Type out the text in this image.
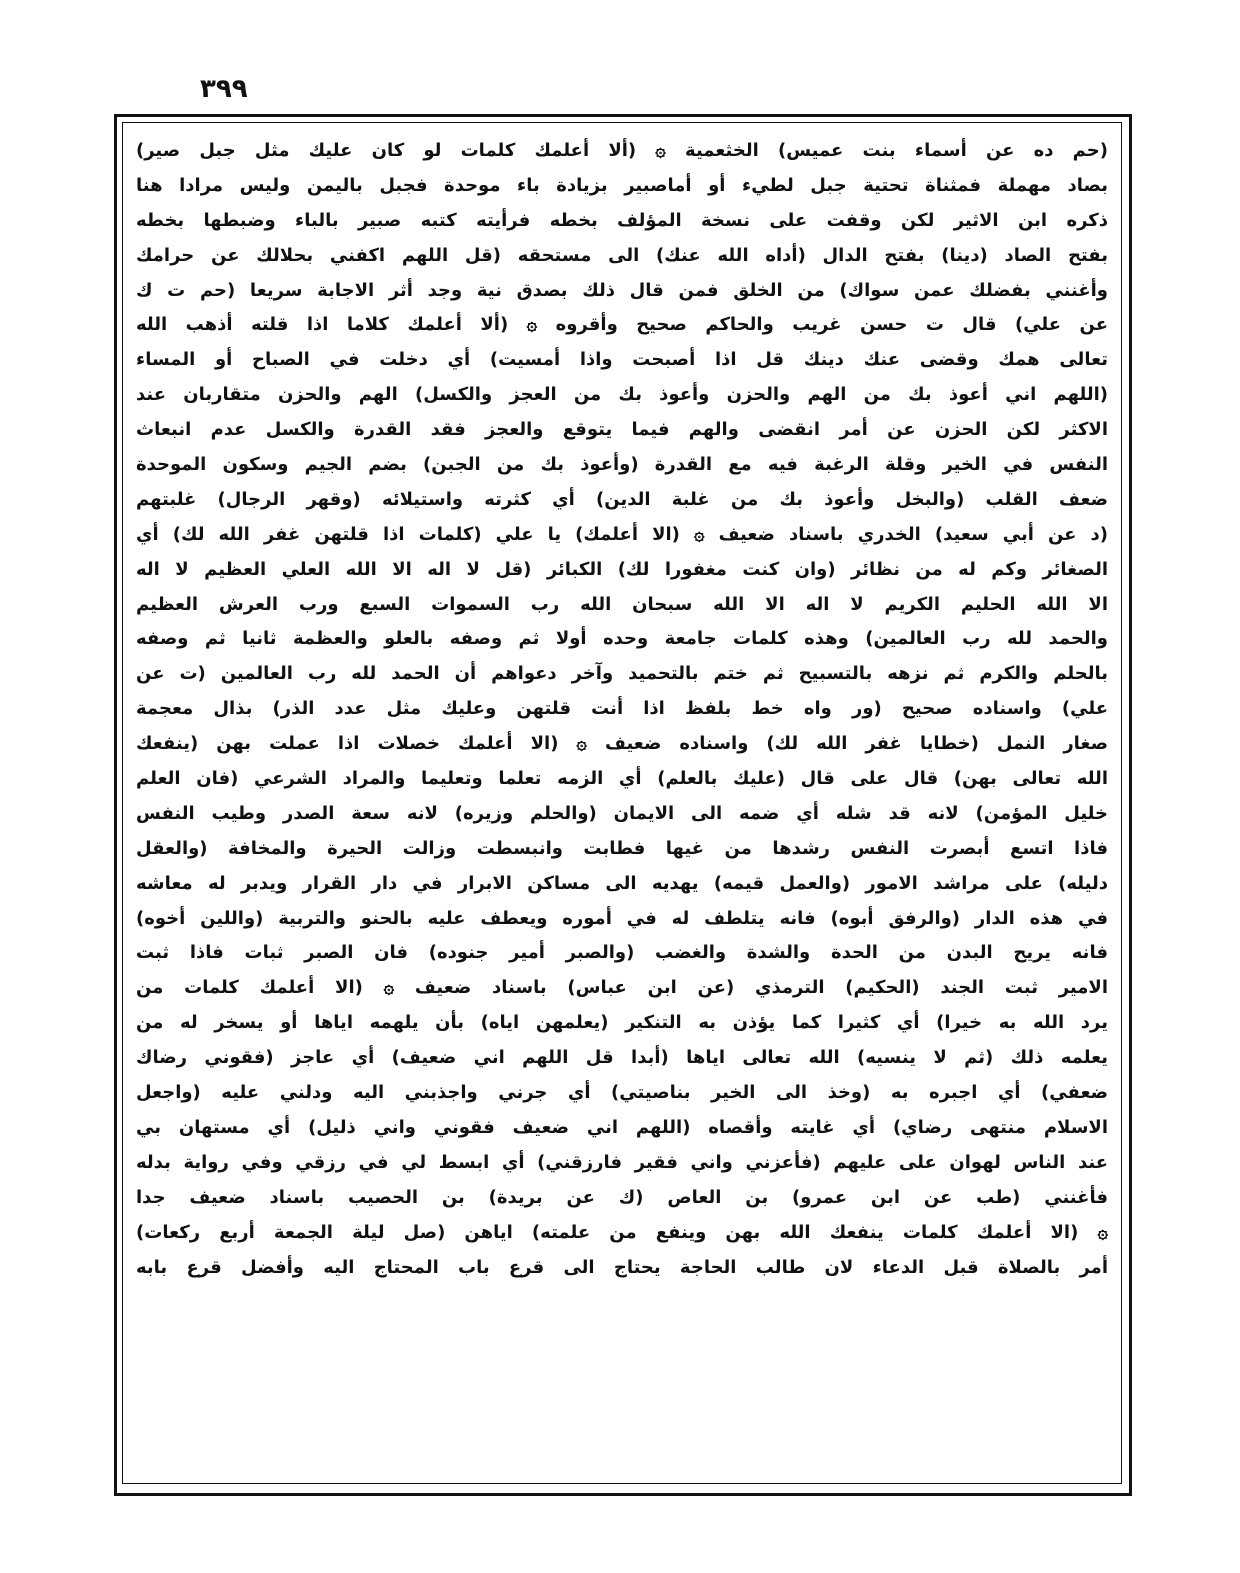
٣٩٩
(حم ده عن أسماء بنت عميس) الخثعمية ۞ (ألا أعلمك كلمات لو كان عليك مثل جبل صير)
بصاد مهملة فمثناة تحتية جبل لطيء أو أماصبير بزيادة باء موحدة فجبل باليمن وليس مرادا هنا
ذكره ابن الاثير لكن وقفت على نسخة المؤلف بخطه فرأيته كتبه صبير بالباء وضبطها بخطه
بفتح الصاد (دينا) بفتح الدال (أداه الله عنك) الى مستحقه (قل اللهم اكفني بحلالك عن حرامك
وأغنني بفضلك عمن سواك) من الخلق فمن قال ذلك بصدق نية وجد أثر الاجابة سريعا (حم ت ك
عن علي) قال ت حسن غريب والحاكم صحيح وأقروه ۞ (ألا أعلمك كلاما اذا قلته أذهب الله
تعالى همك وقضى عنك دينك قل اذا أصبحت واذا أمسيت) أي دخلت في الصباح أو المساء
(اللهم اني أعوذ بك من الهم والحزن وأعوذ بك من العجز والكسل) الهم والحزن متقاربان عند
الاكثر لكن الحزن عن أمر انقضى والهم فيما يتوقع والعجز فقد القدرة والكسل عدم انبعاث
النفس في الخير وقلة الرغبة فيه مع القدرة (وأعوذ بك من الجبن) بضم الجيم وسكون الموحدة
ضعف القلب (والبخل وأعوذ بك من غلبة الدين) أي كثرته واستيلائه (وقهر الرجال) غلبتهم
(د عن أبي سعيد) الخدري باسناد ضعيف ۞ (الا أعلمك) يا علي (كلمات اذا قلتهن غفر الله لك) أي
الصغائر وكم له من نظائر (وان كنت مغفورا لك) الكبائر (قل لا اله الا الله العلي العظيم لا اله
الا الله الحليم الكريم لا اله الا الله سبحان الله رب السموات السبع ورب العرش العظيم
والحمد لله رب العالمين) وهذه كلمات جامعة وحده أولا ثم وصفه بالعلو والعظمة ثانيا ثم وصفه
بالحلم والكرم ثم نزهه بالتسبيح ثم ختم بالتحميد وآخر دعواهم أن الحمد لله رب العالمين (ت عن
علي) واسناده صحيح (ور واه خط بلفظ اذا أنت قلتهن وعليك مثل عدد الذر) بذال معجمة
صغار النمل (خطايا غفر الله لك) واسناده ضعيف ۞ (الا أعلمك خصلات اذا عملت بهن (ينفعك
الله تعالى بهن) قال على قال (عليك بالعلم) أي الزمه تعلما وتعليما والمراد الشرعي (فان العلم
خليل المؤمن) لانه قد شله أي ضمه الى الايمان (والحلم وزيره) لانه سعة الصدر وطيب النفس
فاذا اتسع أبصرت النفس رشدها من غيها فطابت وانبسطت وزالت الحيرة والمخافة (والعقل
دليله) على مراشد الامور (والعمل قيمه) يهديه الى مساكن الابرار في دار القرار ويدبر له معاشه
في هذه الدار (والرفق أبوه) فانه يتلطف له في أموره ويعطف عليه بالحنو والتربية (واللين أخوه)
فانه يريح البدن من الحدة والشدة والغضب (والصبر أمير جنوده) فان الصبر ثبات فاذا ثبت
الامير ثبت الجند (الحكيم) الترمذي (عن ابن عباس) باسناد ضعيف ۞ (الا أعلمك كلمات من
يرد الله به خيرا) أي كثيرا كما يؤذن به التنكير (يعلمهن اياه) بأن يلهمه اياها أو يسخر له من
يعلمه ذلك (ثم لا ينسيه) الله تعالى اياها (أبدا قل اللهم اني ضعيف) أي عاجز (فقوني رضاك
ضعفي) أي اجبره به (وخذ الى الخير بناصيتي) أي جرني واجذبني اليه ودلني عليه (واجعل
الاسلام منتهى رضاي) أي غايته وأقصاه (اللهم اني ضعيف فقوني واني ذليل) أي مستهان بي
عند الناس لهوان على عليهم (فأعزني واني فقير فارزقني) أي ابسط لي في رزقي وفي رواية بدله
فأغنني (طب عن ابن عمرو) بن العاص (ك عن بريدة) بن الحصيب باسناد ضعيف جدا
۞ (الا أعلمك كلمات ينفعك الله بهن وينفع من علمته) اياهن (صل ليلة الجمعة أربع ركعات)
أمر بالصلاة قبل الدعاء لان طالب الحاجة يحتاج الى قرع باب المحتاج اليه وأفضل قرع بابه
